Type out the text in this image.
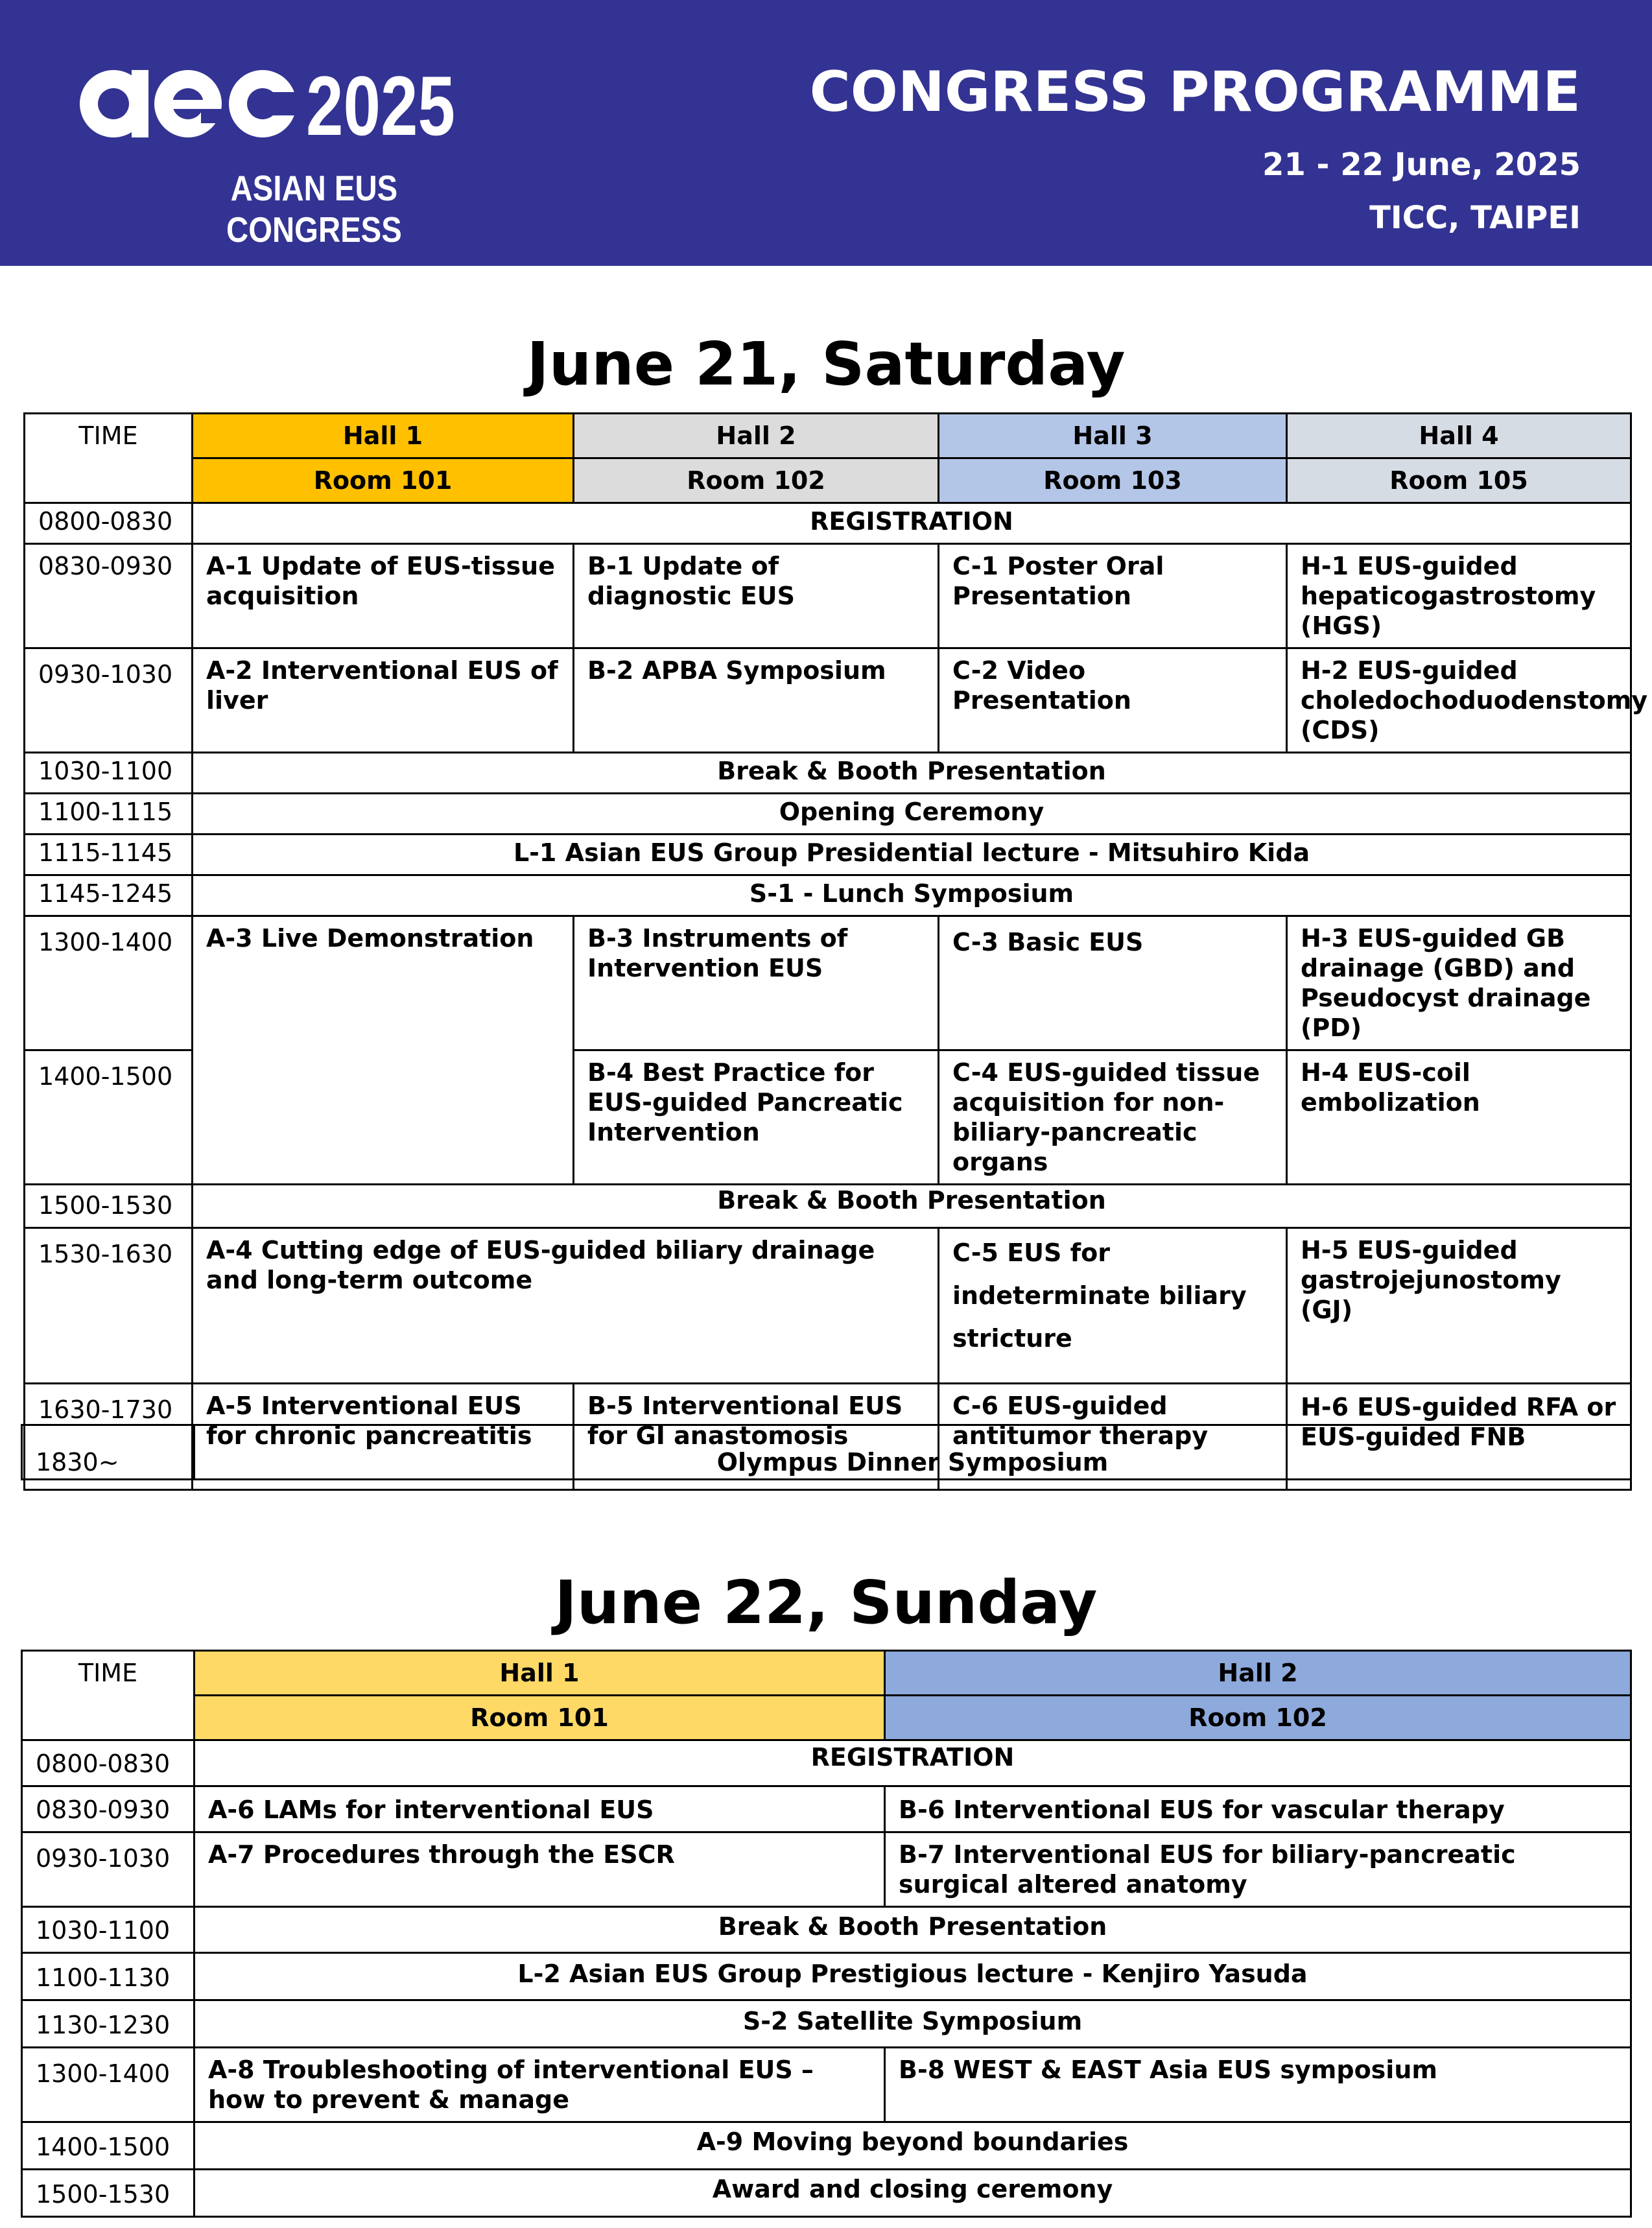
2025
ASIAN EUS CONGRESS
CONGRESS PROGRAMME
21 - 22 June, 2025
TICC, TAIPEI
June 21, Saturday
TIME	Hall 1	Hall 2	Hall 3	Hall 4
	Room 101	Room 102	Room 103	Room 105
0800-0830	REGISTRATION			
0830-0930	A-1 Update of EUS-tissue acquisition	B-1 Update of diagnostic EUS	C-1 Poster Oral Presentation	H-1 EUS-guided hepaticogastrostomy (HGS)
0930-1030	A-2 Interventional EUS of liver	B-2 APBA Symposium	C-2 Video Presentation	H-2 EUS-guided choledochoduodenstomy (CDS)
1030-1100	Break & Booth Presentation			
1100-1115	Opening Ceremony			
1115-1145	L-1 Asian EUS Group Presidential lecture - Mitsuhiro Kida			
1145-1245	S-1 - Lunch Symposium			
1300-1400	A-3 Live Demonstration	B-3 Instruments of Intervention EUS	C-3 Basic EUS	H-3 EUS-guided GB drainage (GBD) and Pseudocyst drainage (PD)
1400-1500		B-4 Best Practice for EUS-guided Pancreatic Intervention	C-4 EUS-guided tissue acquisition for non-biliary-pancreatic organs	H-4 EUS-coil embolization
1500-1530	Break & Booth Presentation			
1530-1630	A-4 Cutting edge of EUS-guided biliary drainage and long-term outcome		C-5 EUS for indeterminate biliary stricture	H-5 EUS-guided gastrojejunostomy (GJ)
1630-1730	A-5 Interventional EUS for chronic pancreatitis	B-5 Interventional EUS for GI anastomosis	C-6 EUS-guided antitumor therapy	H-6 EUS-guided RFA or EUS-guided FNB
1830~	Olympus Dinner Symposium
June 22, Sunday
TIME	Hall 1	Hall 2
	Room 101	Room 102
0800-0830	REGISTRATION	
0830-0930	A-6 LAMs for interventional EUS	B-6 Interventional EUS for vascular therapy
0930-1030	A-7 Procedures through the ESCR	B-7 Interventional EUS for biliary-pancreatic surgical altered anatomy
1030-1100	Break & Booth Presentation	
1100-1130	L-2 Asian EUS Group Prestigious lecture - Kenjiro Yasuda	
1130-1230	S-2 Satellite Symposium	
1300-1400	A-8 Troubleshooting of interventional EUS – how to prevent & manage	B-8 WEST & EAST Asia EUS symposium
1400-1500	A-9 Moving beyond boundaries	
1500-1530	Award and closing ceremony	
